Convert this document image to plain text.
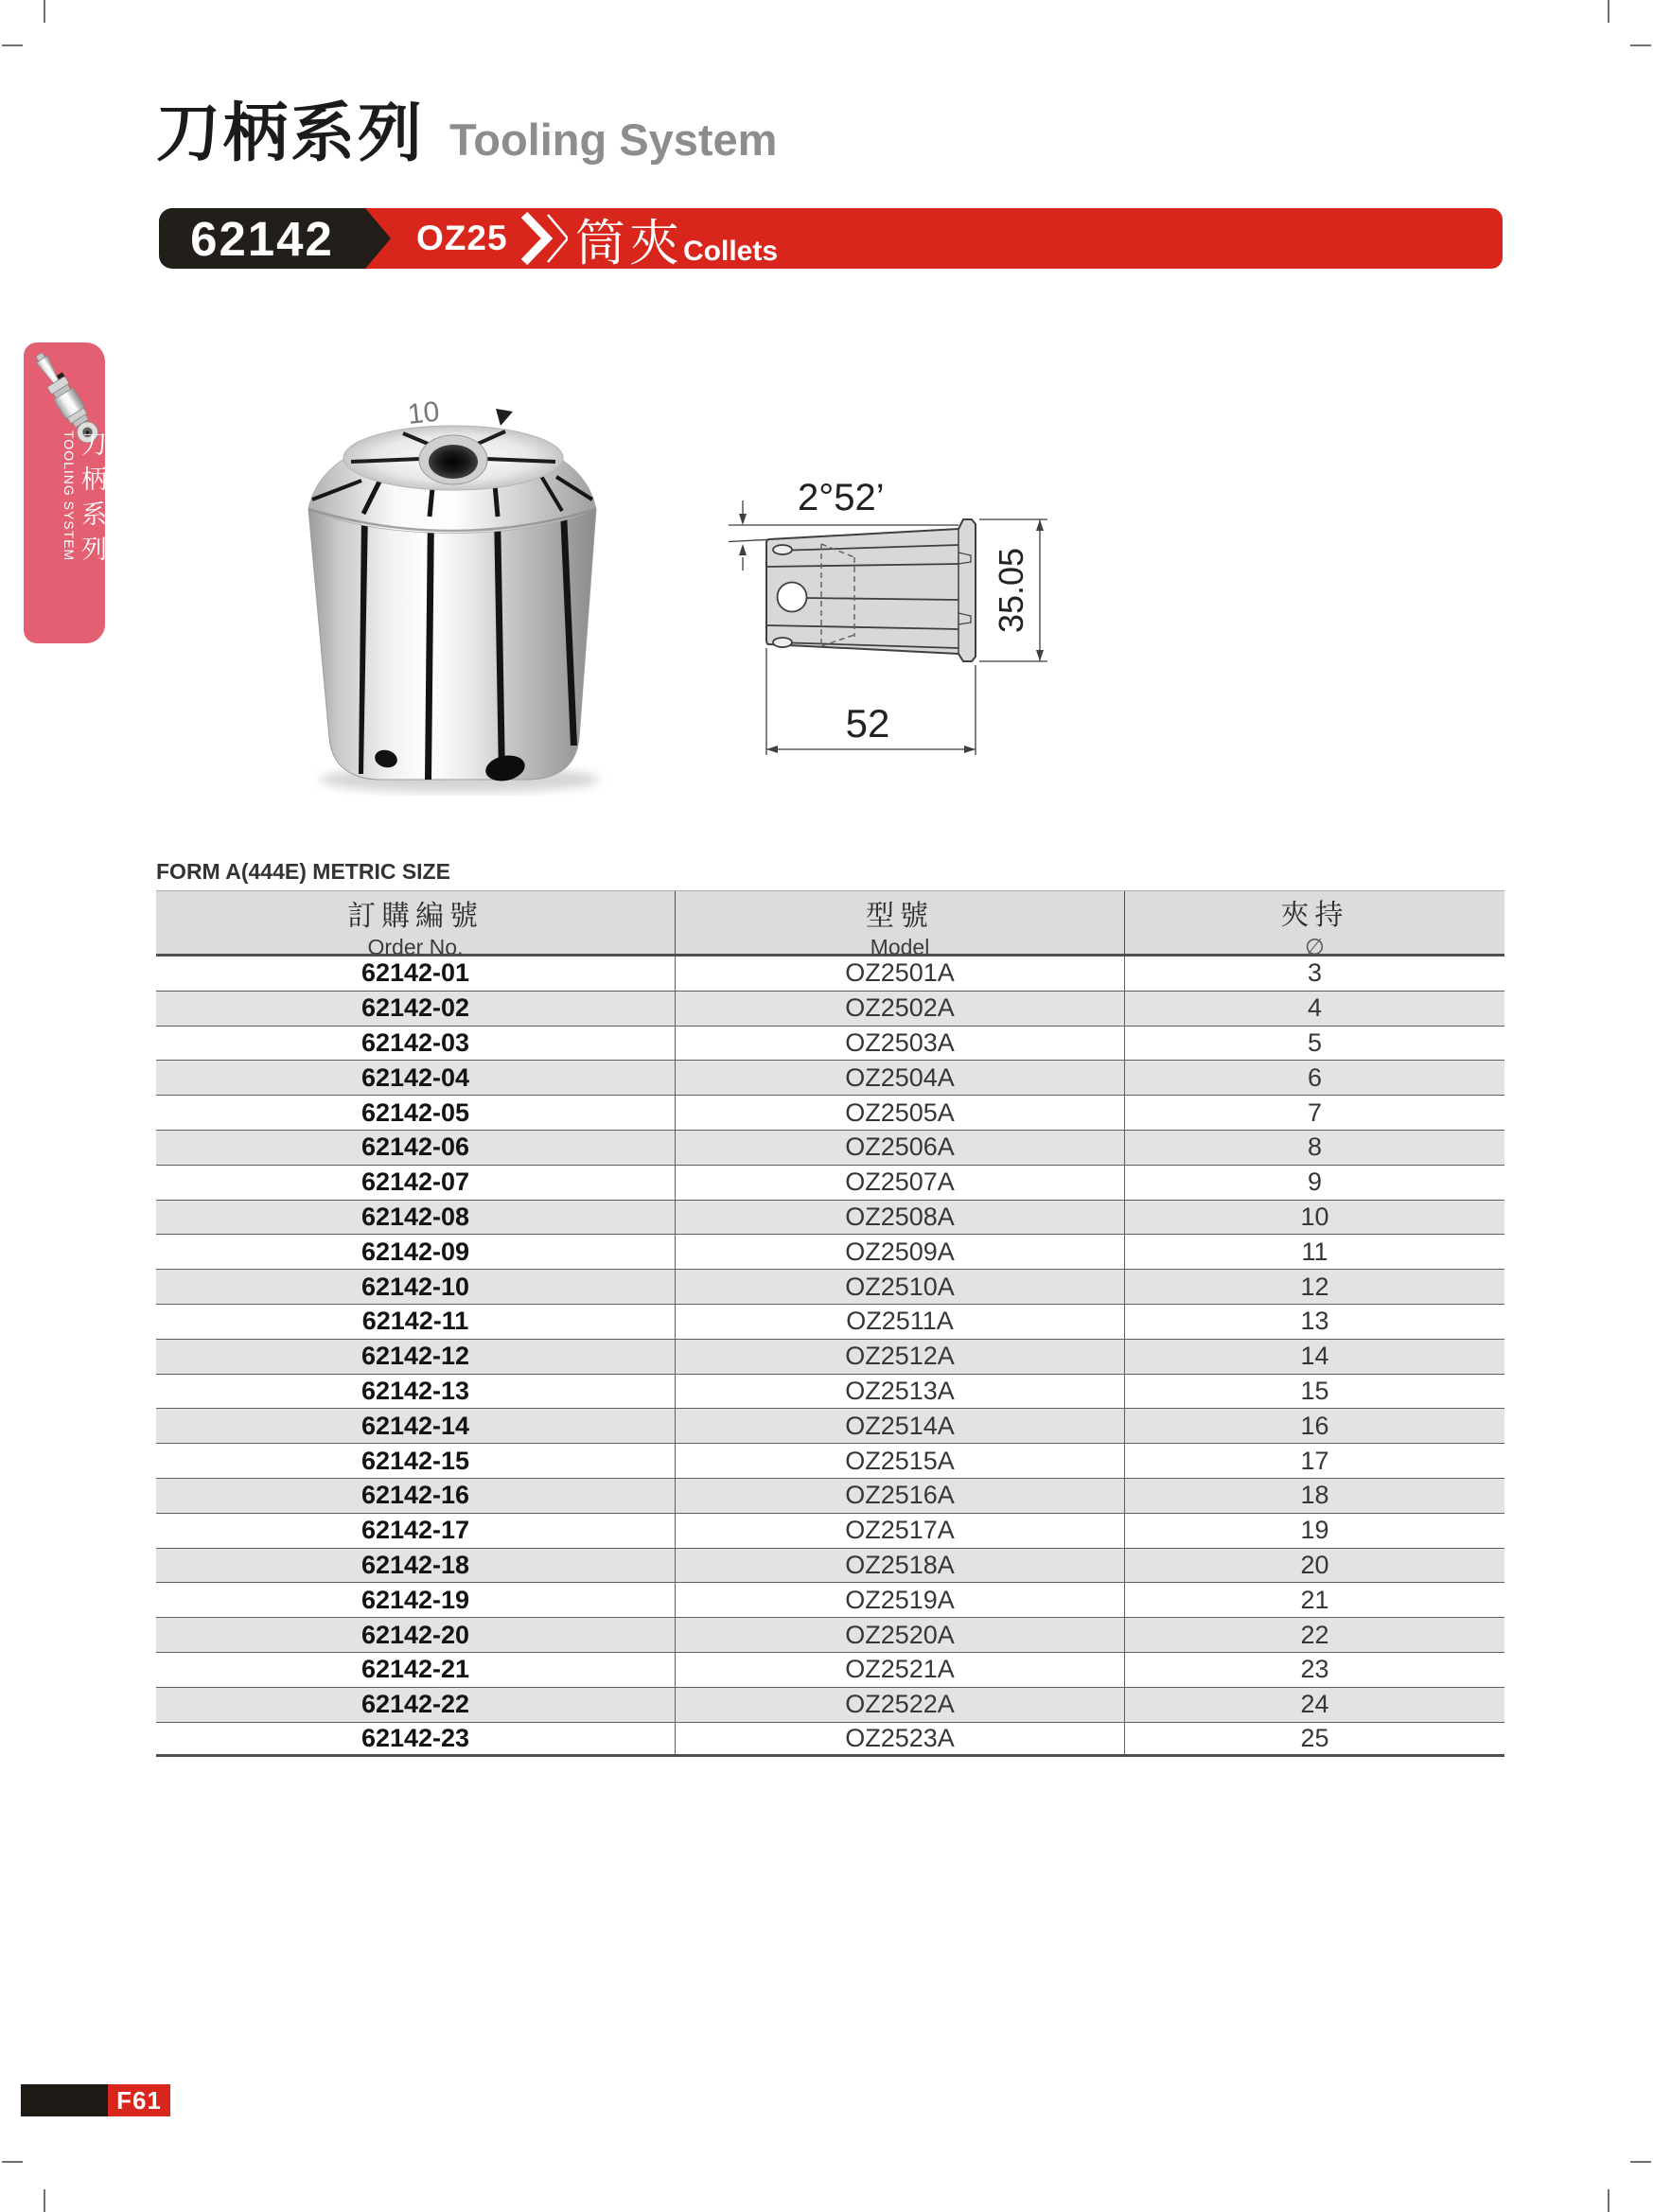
刀柄系列 Tooling System
62142 OZ25 筒夾 Collets
刀柄系列
TOOLING SYSTEM
10
2°52’
35.05
52
FORM A(444E) METRIC SIZE
訂購編號
Order No.
型號
Model
夾持
∅
62142-01	OZ2501A	3
62142-02	OZ2502A	4
62142-03	OZ2503A	5
62142-04	OZ2504A	6
62142-05	OZ2505A	7
62142-06	OZ2506A	8
62142-07	OZ2507A	9
62142-08	OZ2508A	10
62142-09	OZ2509A	11
62142-10	OZ2510A	12
62142-11	OZ2511A	13
62142-12	OZ2512A	14
62142-13	OZ2513A	15
62142-14	OZ2514A	16
62142-15	OZ2515A	17
62142-16	OZ2516A	18
62142-17	OZ2517A	19
62142-18	OZ2518A	20
62142-19	OZ2519A	21
62142-20	OZ2520A	22
62142-21	OZ2521A	23
62142-22	OZ2522A	24
62142-23	OZ2523A	25
F61
